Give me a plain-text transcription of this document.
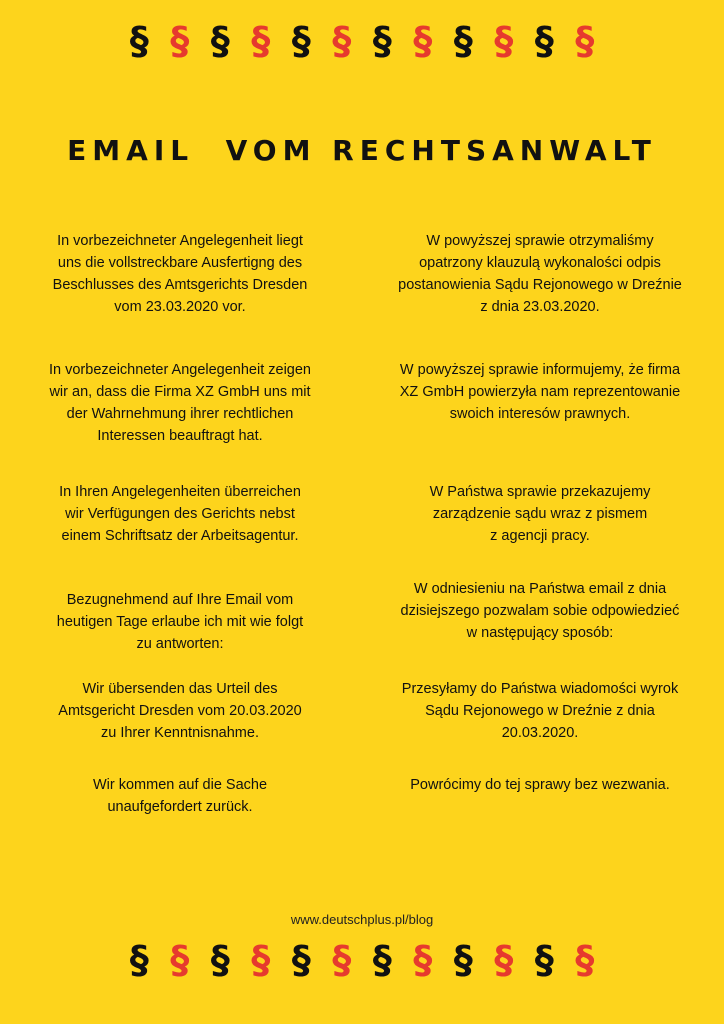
§ § § § § § § § § § § §
EMAIL  VOM RECHTSANWALT
In vorbezeichneter Angelegenheit liegt
uns die vollstreckbare Ausfertigng des
Beschlusses des Amtsgerichts Dresden
vom 23.03.2020 vor.
W powyższej sprawie otrzymaliśmy
opatrzony klauzulą wykonalości odpis
postanowienia Sądu Rejonowego w Dreźnie
z dnia 23.03.2020.
In vorbezeichneter Angelegenheit zeigen
wir an, dass die Firma XZ GmbH uns mit
der Wahrnehmung ihrer rechtlichen
Interessen beauftragt hat.
W powyższej sprawie informujemy, że firma
XZ GmbH powierzyła nam reprezentowanie
swoich interesów prawnych.
In Ihren Angelegenheiten überreichen
wir Verfügungen des Gerichts nebst
einem Schriftsatz der Arbeitsagentur.
W Państwa sprawie przekazujemy
zarządzenie sądu wraz z pismem
z agencji pracy.
Bezugnehmend auf Ihre Email vom
heutigen Tage erlaube ich mit wie folgt
zu antworten:
W odniesieniu na Państwa email z dnia
dzisiejszego pozwalam sobie odpowiedzieć
w następujący sposób:
Wir übersenden das Urteil des
Amtsgericht Dresden vom 20.03.2020
zu Ihrer Kenntnisnahme.
Przesyłamy do Państwa wiadomości wyrok
Sądu Rejonowego w Dreźnie z dnia
20.03.2020.
Wir kommen auf die Sache
unaufgefordert zurück.
Powrócimy do tej sprawy bez wezwania.
www.deutschplus.pl/blog
§ § § § § § § § § § § §
